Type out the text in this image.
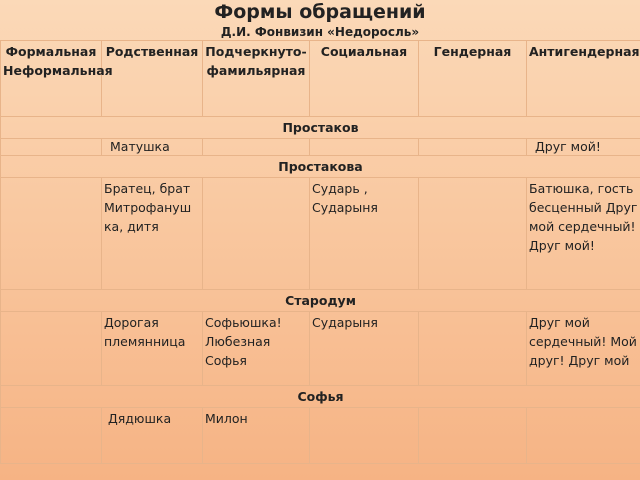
Формы обращений
Д.И. Фонвизин «Недоросль»
Формальная Неформальная	Родственная	Подчеркнуто-фамильярная	Социальная	Гендерная	Антигендерная
Простаков					
	Матушка				Друг мой!
Простакова					
	Братец, брат Митрофануш ка, дитя		Сударь , Сударыня		Батюшка, гость бесценный Друг мой сердечный! Друг мой!
Стародум					
	Дорогая племянница	Софьюшка! Любезная Софья	Сударыня		Друг мой сердечный! Мой друг! Друг мой
Софья					
	Дядюшка	Милон			
